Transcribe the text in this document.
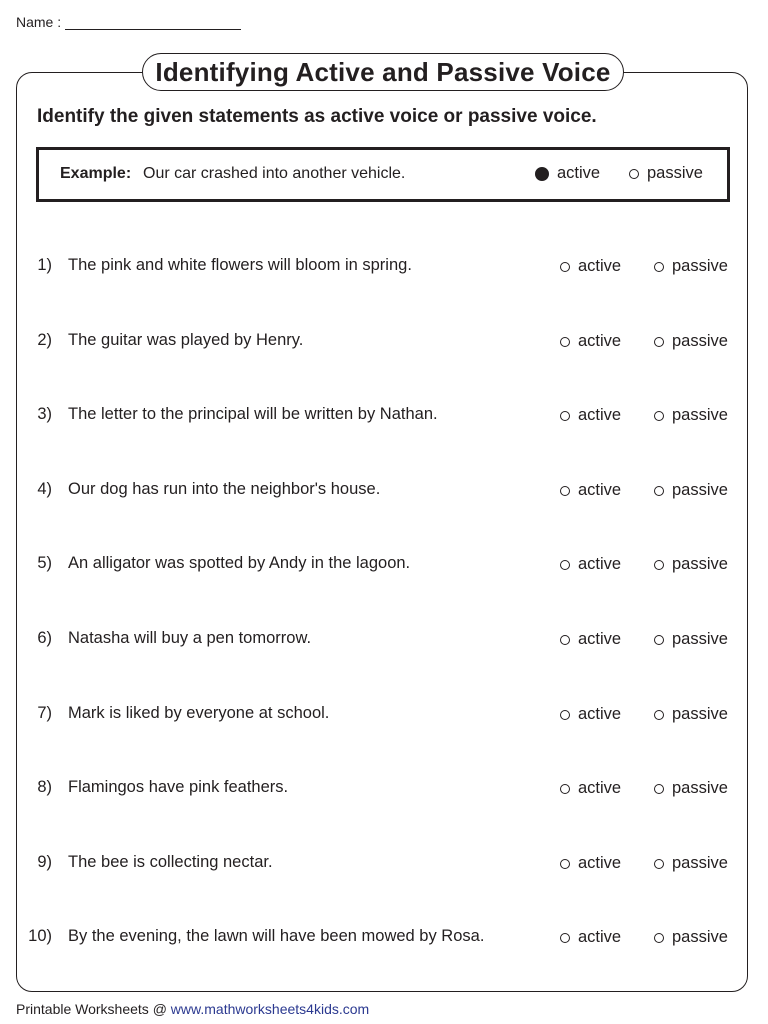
Name :
Identifying Active and Passive Voice
Identify the given statements as active voice or passive voice.
Example: Our car crashed into another vehicle.	active	passive
1) The pink and white flowers will bloom in spring.	active	passive
2) The guitar was played by Henry.	active	passive
3) The letter to the principal will be written by Nathan.	active	passive
4) Our dog has run into the neighbor's house.	active	passive
5) An alligator was spotted by Andy in the lagoon.	active	passive
6) Natasha will buy a pen tomorrow.	active	passive
7) Mark is liked by everyone at school.	active	passive
8) Flamingos have pink feathers.	active	passive
9) The bee is collecting nectar.	active	passive
10) By the evening, the lawn will have been mowed by Rosa.	active	passive
Printable Worksheets @ www.mathworksheets4kids.com
